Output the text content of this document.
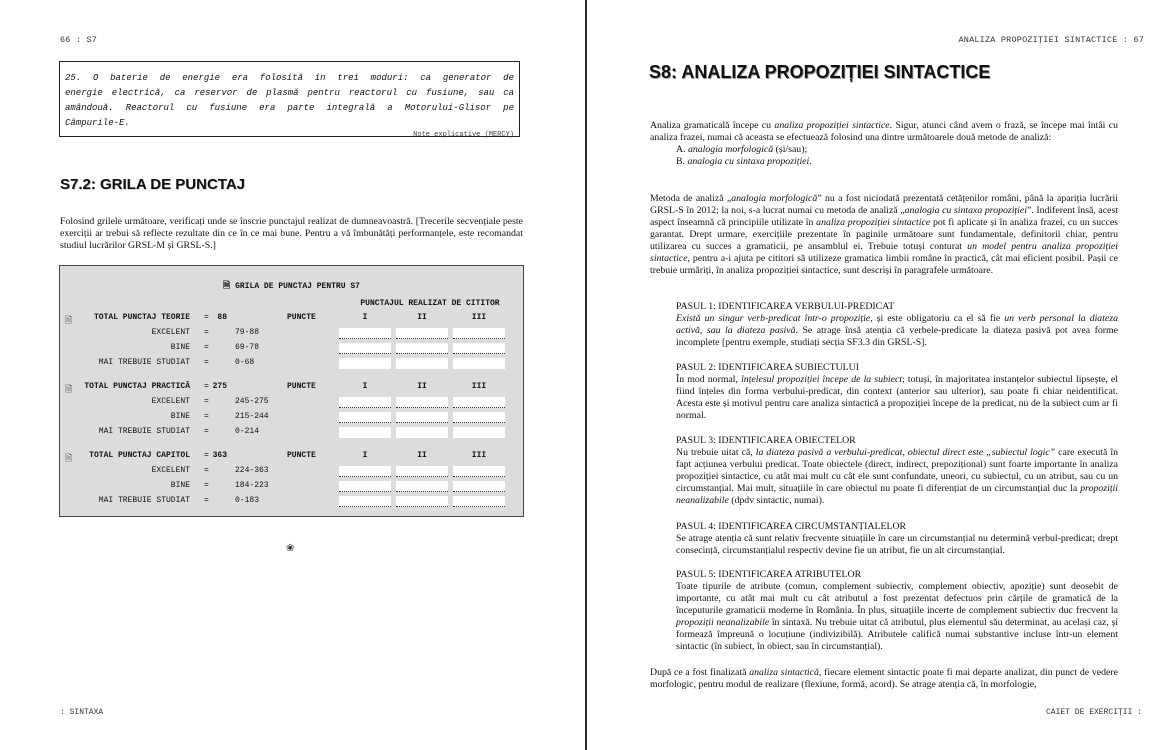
66 : S7
25. O baterie de energie era folosită în trei moduri: ca generator de energie electrică, ca reservor de plasmă pentru reactorul cu fusiune, sau ca amândouă. Reactorul cu fusiune era parte integrală a Motorului-Glisor pe Câmpurile-E.
Note explicative (MERCY)
S7.2: GRILA DE PUNCTAJ
Folosind grilele următoare, verificați unde se înscrie punctajul realizat de dumneavoastră. [Trecerile secvențiale peste exerciții ar trebui să reflecte rezultate din ce în ce mai bune. Pentru a vă îmbunătăți performanțele, este recomandat studiul lucrărilor GRSL-M și GRSL-S.]
🗎 GRILA DE PUNCTAJ PENTRU S7
PUNCTAJUL REALIZAT DE CITITOR
🗎	TOTAL PUNCTAJ TEORIE = 88	PUNCTE	I	II	III
EXCELENT =	79-88
BINE =	69-78
MAI TREBUIE STUDIAT =	0-68
🗎 TOTAL PUNCTAJ PRACTICĂ = 275	PUNCTE	I	II	III
EXCELENT =	245-275
BINE =	215-244
MAI TREBUIE STUDIAT =	0-214
🗎 TOTAL PUNCTAJ CAPITOL = 363	PUNCTE	I	II	III
EXCELENT =	224-363
BINE =	184-223
MAI TREBUIE STUDIAT =	0-183
❀
: SINTAXA
ANALIZA PROPOZIȚIEI SINTACTICE : 67
S8: ANALIZA PROPOZIȚIEI SINTACTICE
Analiza gramaticală începe cu analiza propoziției sintactice. Sigur, atunci când avem o frază, se începe mai întâi cu analiza frazei, numai că aceasta se efectuează folosind una dintre următoarele două metode de analiză:
A. analogia morfologică (și/sau);
B. analogia cu sintaxa propoziției.
Metoda de analiză „analogia morfologică” nu a fost niciodată prezentată cetățenilor români, până la apariția lucrării GRSL-S în 2012; la noi, s-a lucrat numai cu metoda de analiză „analogia cu sintaxa propoziției”. Indiferent însă, acest aspect înseamnă că principiile utilizate în analiza propoziției sintactice pot fi aplicate și în analiza frazei, cu un succes garantat. Drept urmare, exercițiile prezentate în paginile următoare sunt fundamentale, definitorii chiar, pentru utilizarea cu succes a gramaticii, pe ansamblul ei. Trebuie totuși conturat un model pentru analiza propoziției sintactice, pentru a-i ajuta pe cititori să utilizeze gramatica limbii române în practică, cât mai eficient posibil. Pașii ce trebuie urmăriți, în analiza propoziției sintactice, sunt descriși în paragrafele următoare.
PASUL 1: IDENTIFICAREA VERBULUI-PREDICAT
Există un singur verb-predicat într-o propoziție, și este obligatoriu ca el să fie un verb personal la diateza activă, sau la diateza pasivă. Se atrage însă atenția că verbele-predicate la diateza pasivă pot avea forme incomplete [pentru exemple, studiați secția SF3.3 din GRSL-S].
PASUL 2: IDENTIFICAREA SUBIECTULUI
În mod normal, înțelesul propoziției începe de la subiect; totuși, în majoritatea instanțelor subiectul lipsește, el fiind înțeles din forma verbului-predicat, din context (anterior sau ulterior), sau poate fi chiar neidentificat. Acesta este și motivul pentru care analiza sintactică a propoziției începe de la predicat, nu de la subiect cum ar fi normal.
PASUL 3: IDENTIFICAREA OBIECTELOR
Nu trebuie uitat că, la diateza pasivă a verbului-predicat, obiectul direct este „subiectul logic” care execută în fapt acțiunea verbului predicat. Toate obiectele (direct, indirect, prepozițional) sunt foarte importante în analiza propoziției sintactice, cu atât mai mult cu cât ele sunt confundate, uneori, cu subiectul, cu un atribut, sau cu un circumstanțial. Mai mult, situațiile în care obiectul nu poate fi diferențiat de un circumstanțial duc la propoziții neanalizabile (dpdv sintactic, numai).
PASUL 4: IDENTIFICAREA CIRCUMSTANȚIALELOR
Se atrage atenția că sunt relativ frecvente situațiile în care un circumstanțial nu determină verbul-predicat; drept consecință, circumstanțialul respectiv devine fie un atribut, fie un alt circumstanțial.
PASUL 5: IDENTIFICAREA ATRIBUTELOR
Toate tipurile de atribute (comun, complement subiectiv, complement obiectiv, apoziție) sunt deosebit de importante, cu atât mai mult cu cât atributul a fost prezentat defectuos prin cărțile de gramatică de la începuturile gramaticii moderne în România. În plus, situațiile incerte de complement subiectiv duc frecvent la propoziții neanalizabile în sintaxă. Nu trebuie uitat că atributul, plus elementul său determinat, au același caz, și formează împreună o locuțiune (indivizibilă). Atributele califică numai substantive incluse într-un element sintactic (în subiect, în obiect, sau în circumstanțial).
După ce a fost finalizată analiza sintactică, fiecare element sintactic poate fi mai departe analizat, din punct de vedere morfologic, pentru modul de realizare (flexiune, formă, acord). Se atrage atenția că, în morfologie,
CAIET DE EXERCIȚII :
